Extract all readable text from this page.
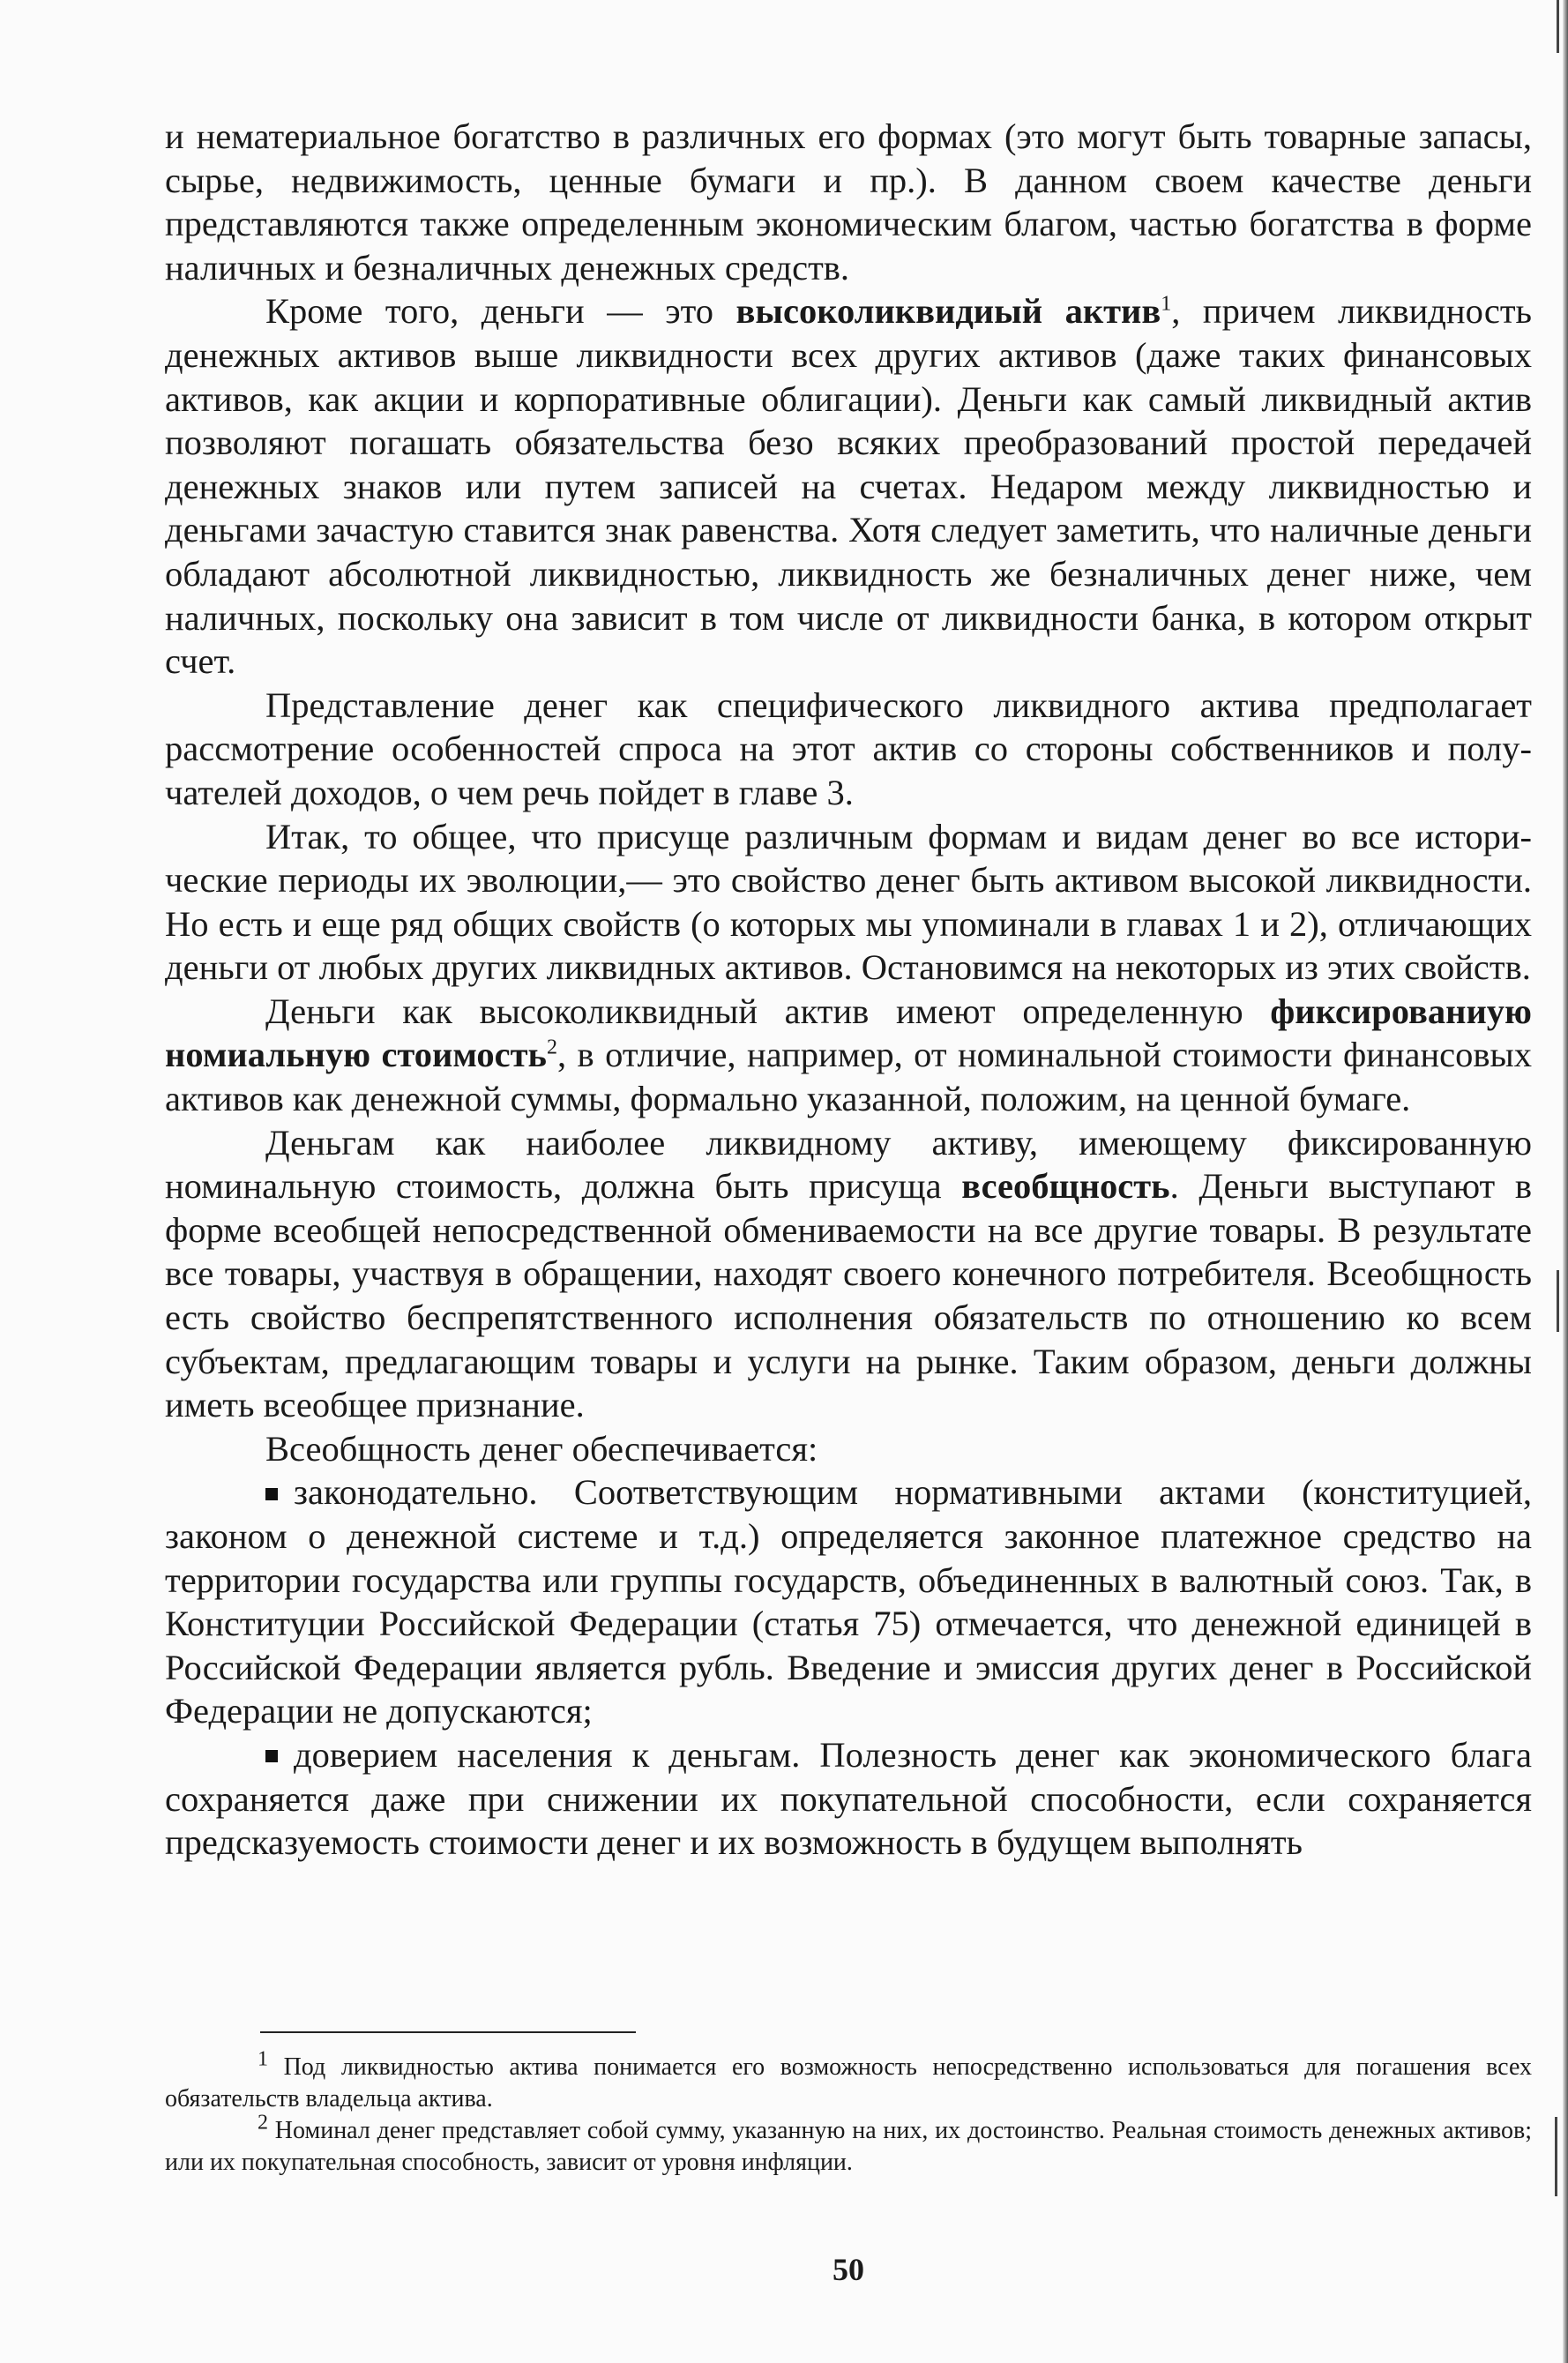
и нематериальное богатство в различных его формах (это могут быть товарные запасы, сырье, недвижимость, ценные бумаги и пр.). В данном своем качестве деньги представляются также определенным экономическим благом, частью богатства в форме наличных и безналичных денежных средств.

Кроме того, деньги — это высоколиквидиый актив$^1$, причем ликвидность денежных активов выше ликвидности всех других активов (даже таких финансовых активов, как акции и корпоративные облигации). Деньги как самый ликвидный актив позволяют погашать обязательства безо всяких преобразований простой передачей денежных знаков или путем записей на счетах. Недаром между ликвидностью и деньгами зачастую ставится знак равенства. Хотя следует заметить, что наличные деньги обладают абсолютной ликвидностью, ликвидность же безналичных денег ниже, чем наличных, поскольку она зависит в том числе от ликвидности банка, в котором открыт счет.

Представление денег как специфического ликвидного актива предполагает рассмотрение особенностей спроса на этот актив со стороны собственников и получателей доходов, о чем речь пойдет в главе 3.

Итак, то общее, что присуще различным формам и видам денег во все исторические периоды их эволюции,— это свойство денег быть активом высокой ликвидности. Но есть и еще ряд общих свойств (о которых мы упоминали в главах 1 и 2), отличающих деньги от любых других ликвидных активов. Остановимся на некоторых из этих свойств.

Деньги как высоколиквидный актив имеют определенную фиксированиую номиальную стоимость$^2$, в отличие, например, от номинальной стоимости финансовых активов как денежной суммы, формально указанной, положим, на ценной бумаге.

Деньгам как наиболее ликвидному активу, имеющему фиксированную номинальную стоимость, должна быть присуща всеобщность. Деньги выступают в форме всеобщей непосредственной обмениваемости на все другие товары. В результате все товары, участвуя в обращении, находят своего конечного потребителя. Всеобщность есть свойство беспрепятственного исполнения обязательств по отношению ко всем субъектам, предлагающим товары и услуги на рынке. Таким образом, деньги должны иметь всеобщее признание.

Всеобщность денег обеспечивается:

законодательно. Соответствующим нормативными актами (конституцией, законом о денежной системе и т.д.) определяется законное платежное средство на территории государства или группы государств, объединенных в валютный союз. Так, в Конституции Российской Федерации (статья 75) отмечается, что денежной единицей в Российской Федерации является рубль. Введение и эмиссия других денег в Российской Федерации не допускаются;

доверием населения к деньгам. Полезность денег как экономического блага сохраняется даже при снижении их покупательной способности, если сохраняется предсказуемость стоимости денег и их возможность в будущем выполнять

$^1$ Под ликвидностью актива понимается его возможность непосредственно использоваться для погашения всех обязательств владельца актива.

$^2$ Номинал денег представляет собой сумму, указанную на них, их достоинство. Реальная стоимость денежных активов; или их покупательная способность, зависит от уровня инфляции.

50
